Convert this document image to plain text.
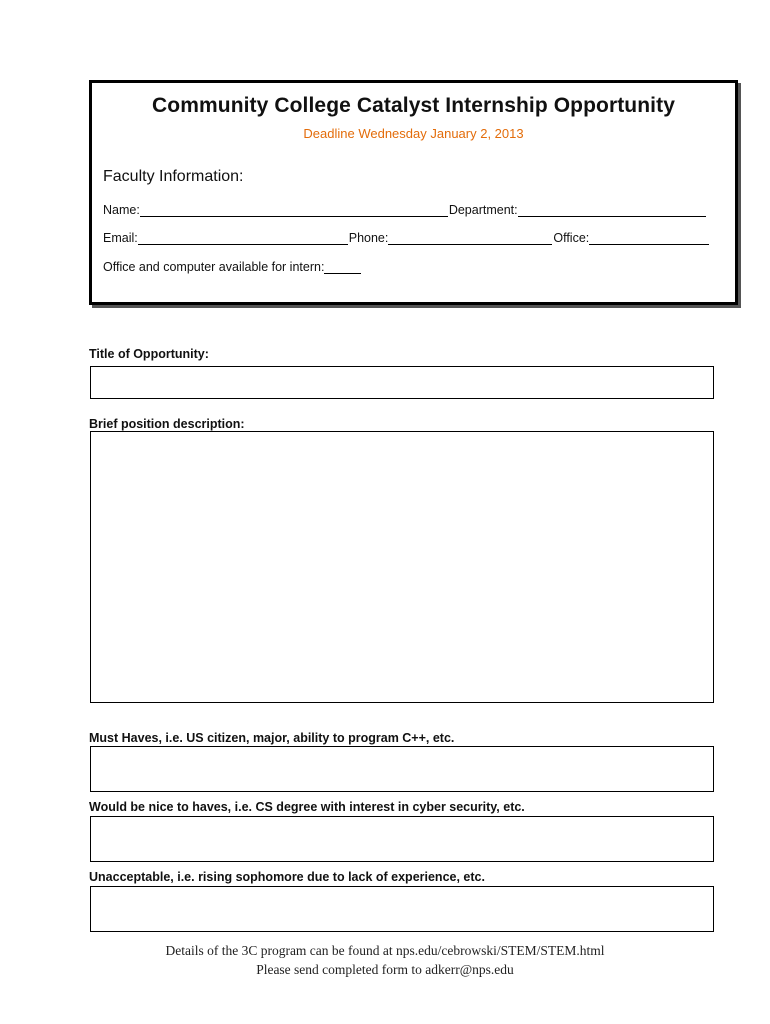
Community College Catalyst Internship Opportunity
Deadline Wednesday January 2, 2013
Faculty Information:
Name:	Department:
Email:	Phone:	Office:
Office and computer available for intern:
Title of Opportunity:
Brief position description:
Must Haves, i.e. US citizen, major, ability to program C++, etc.
Would be nice to haves, i.e. CS degree with interest in cyber security, etc.
Unacceptable, i.e. rising sophomore due to lack of experience, etc.
Details of the 3C program can be found at nps.edu/cebrowski/STEM/STEM.html
Please send completed form to adkerr@nps.edu
